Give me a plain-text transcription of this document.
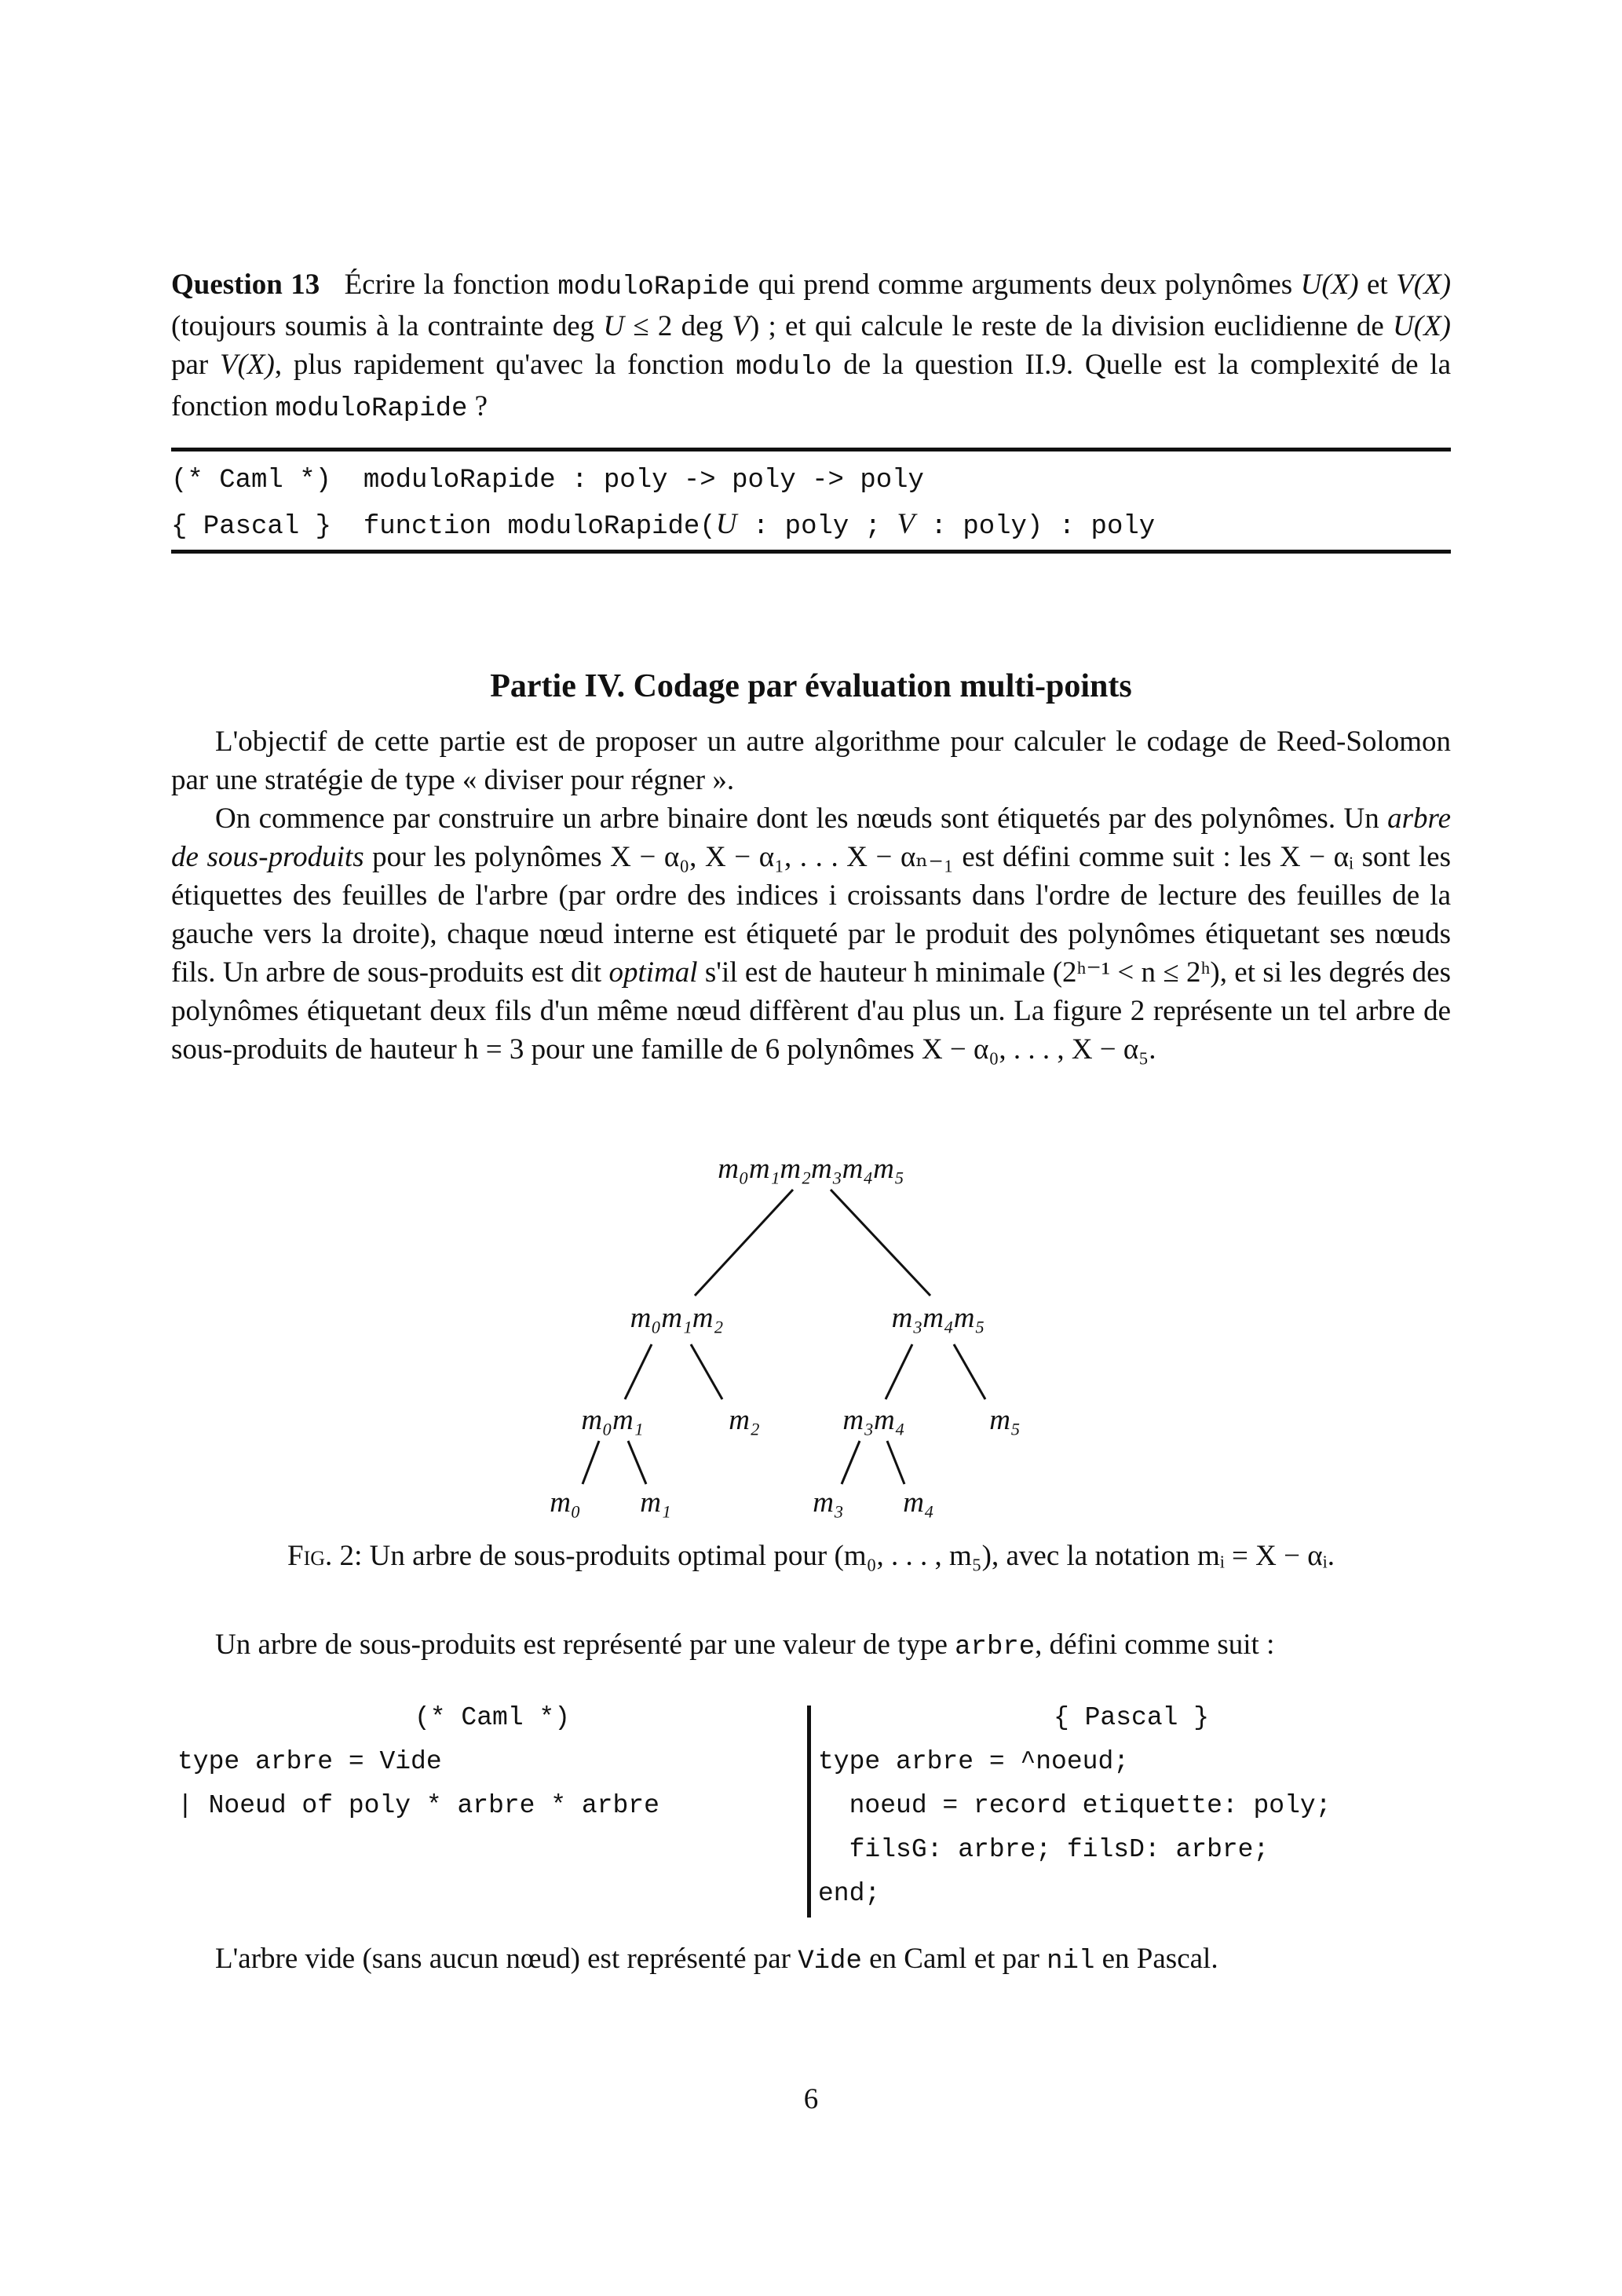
Question 13 Écrire la fonction moduloRapide qui prend comme arguments deux polynômes U(X) et V(X) (toujours soumis à la contrainte deg U ≤ 2 deg V) ; et qui calcule le reste de la division euclidienne de U(X) par V(X), plus rapidement qu'avec la fonction modulo de la question II.9. Quelle est la complexité de la fonction moduloRapide ?
(* Caml *)  moduloRapide : poly -> poly -> poly
{ Pascal }  function moduloRapide(U : poly ; V : poly) : poly
Partie IV. Codage par évaluation multi-points
L'objectif de cette partie est de proposer un autre algorithme pour calculer le codage de Reed-Solomon par une stratégie de type « diviser pour régner ».
On commence par construire un arbre binaire dont les nœuds sont étiquetés par des polynômes. Un arbre de sous-produits pour les polynômes X − α₀, X − α₁, . . . X − αₙ₋₁ est défini comme suit : les X − αᵢ sont les étiquettes des feuilles de l'arbre (par ordre des indices i croissants dans l'ordre de lecture des feuilles de la gauche vers la droite), chaque nœud interne est étiqueté par le produit des polynômes étiquetant ses nœuds fils. Un arbre de sous-produits est dit optimal s'il est de hauteur h minimale (2ʰ⁻¹ < n ≤ 2ʰ), et si les degrés des polynômes étiquetant deux fils d'un même nœud diffèrent d'au plus un. La figure 2 représente un tel arbre de sous-produits de hauteur h = 3 pour une famille de 6 polynômes X − α₀, . . . , X − α₅.
m₀m₁m₂m₃m₄m₅
m₀m₁m₂	m₃m₄m₅
m₀m₁	m₂	m₃m₄	m₅
m₀ m₁	m₃ m₄
Fig. 2: Un arbre de sous-produits optimal pour (m₀, . . . , m₅), avec la notation mᵢ = X − αᵢ.
Un arbre de sous-produits est représenté par une valeur de type arbre, défini comme suit :
(* Caml *)
type arbre = Vide
| Noeud of poly * arbre * arbre
{ Pascal }
type arbre = ^noeud;
noeud = record etiquette: poly;
filsG: arbre; filsD: arbre;
end;
L'arbre vide (sans aucun nœud) est représenté par Vide en Caml et par nil en Pascal.
6
